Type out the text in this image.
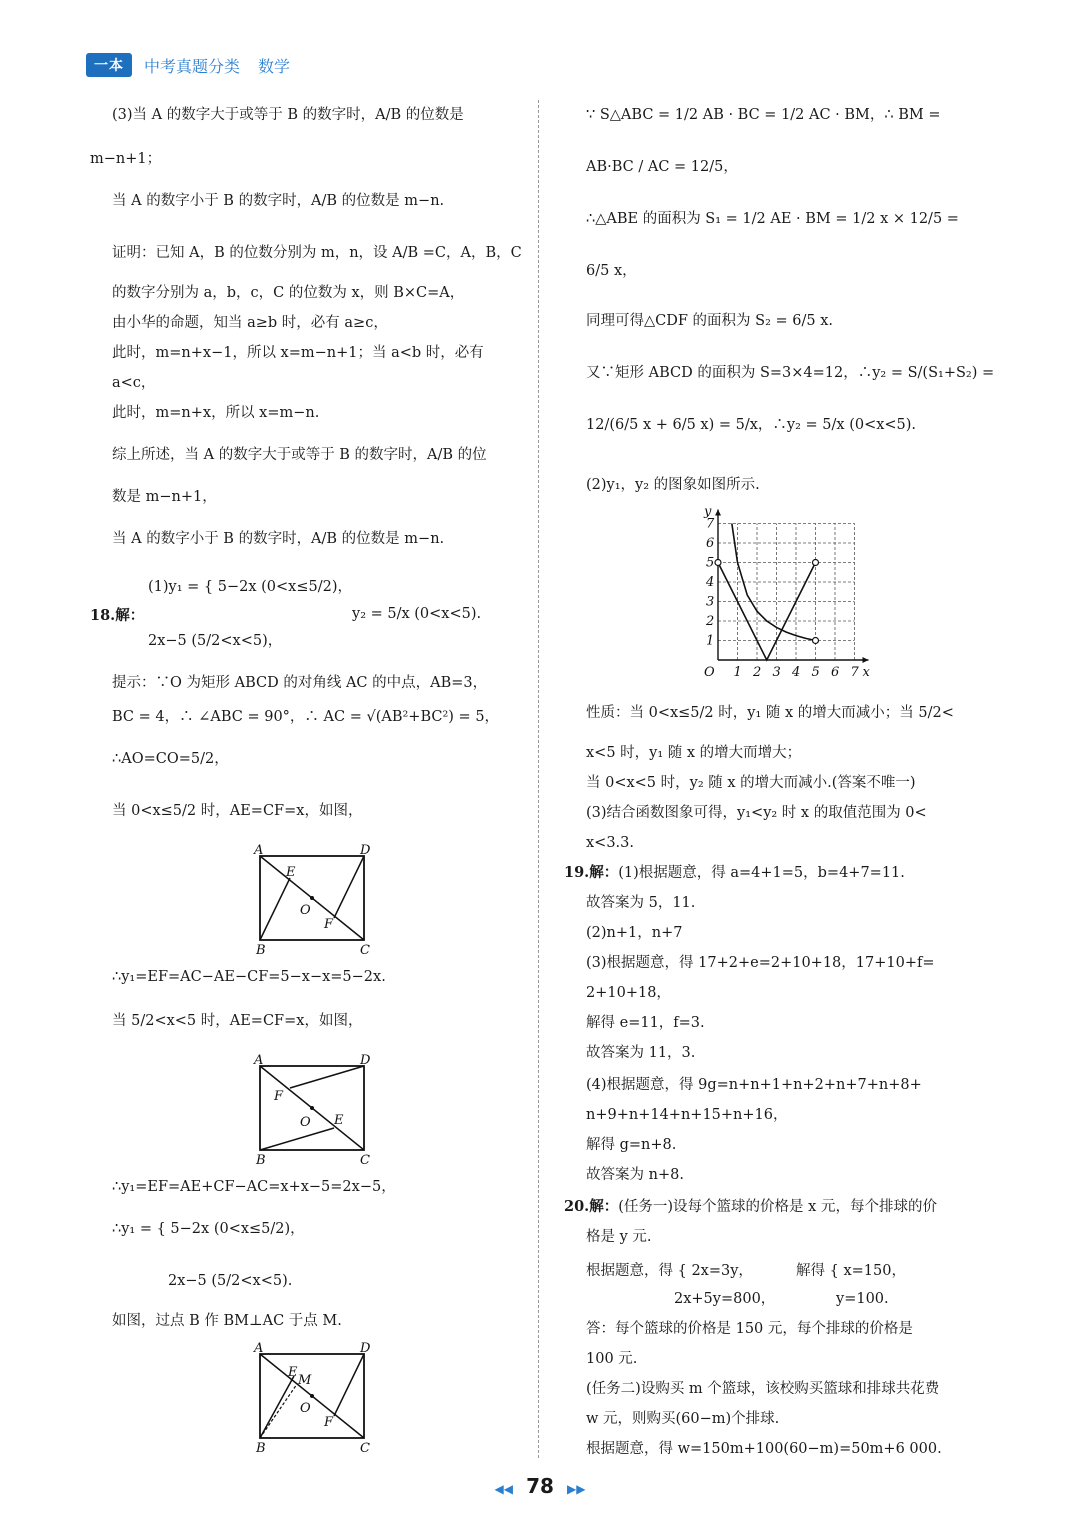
一本	中考真题分类 数学
(3)当 A 的数字大于或等于 B 的数字时，A/B 的位数是
m−n+1；
当 A 的数字小于 B 的数字时，A/B 的位数是 m−n.
证明：已知 A，B 的位数分别为 m，n，设 A/B =C，A，B，C
的数字分别为 a，b，c，C 的位数为 x，则 B×C=A，
由小华的命题，知当 a≥b 时，必有 a≥c，
此时，m=n+x−1，所以 x=m−n+1；当 a<b 时，必有
a<c，
此时，m=n+x，所以 x=m−n.
综上所述，当 A 的数字大于或等于 B 的数字时，A/B 的位
数是 m−n+1，
当 A 的数字小于 B 的数字时，A/B 的位数是 m−n.
18.解：
(1)y₁ = { 5−2x (0<x≤5/2)，
2x−5 (5/2<x<5)，
y₂ = 5/x (0<x<5).
提示：∵O 为矩形 ABCD 的对角线 AC 的中点，AB=3，
BC = 4，∴ ∠ABC = 90°，∴ AC = √(AB²+BC²) = 5，
∴AO=CO=5/2，
当 0<x≤5/2 时，AE=CF=x，如图，
A	D
B	C
E
O
F
∴y₁=EF=AC−AE−CF=5−x−x=5−2x.
当 5/2<x<5 时，AE=CF=x，如图，
A	D
B	C
F
O E
∴y₁=EF=AE+CF−AC=x+x−5=2x−5，
∴y₁ = { 5−2x (0<x≤5/2)，
2x−5 (5/2<x<5).
如图，过点 B 作 BM⊥AC 于点 M.
A	D
B	C
E
M
O
F
∵ S△ABC = 1/2 AB · BC = 1/2 AC · BM，∴ BM =
AB·BC / AC = 12/5，
∴△ABE 的面积为 S₁ = 1/2 AE · BM = 1/2 x × 12/5 =
6/5 x，
同理可得△CDF 的面积为 S₂ = 6/5 x.
又∵矩形 ABCD 的面积为 S=3×4=12，∴y₂ = S/(S₁+S₂) =
12/(6/5 x + 6/5 x) = 5/x，∴y₂ = 5/x (0<x<5).
(2)y₁，y₂ 的图象如图所示.
1 2 3 4 5 6 7
1
2
3
4
5
6
7
O	x
y
性质：当 0<x≤5/2 时，y₁ 随 x 的增大而减小；当 5/2<
x<5 时，y₁ 随 x 的增大而增大；
当 0<x<5 时，y₂ 随 x 的增大而减小.(答案不唯一)
(3)结合函数图象可得，y₁<y₂ 时 x 的取值范围为 0<
x<3.3.
19.解：(1)根据题意，得 a=4+1=5，b=4+7=11.
故答案为 5，11.
(2)n+1，n+7
(3)根据题意，得 17+2+e=2+10+18，17+10+f=
2+10+18，
解得 e=11，f=3.
故答案为 11，3.
(4)根据题意，得 9g=n+n+1+n+2+n+7+n+8+
n+9+n+14+n+15+n+16，
解得 g=n+8.
故答案为 n+8.
20.解：(任务一)设每个篮球的价格是 x 元，每个排球的价
格是 y 元.
根据题意，得 { 2x=3y，
2x+5y=800，
解得 { x=150，
y=100.
答：每个篮球的价格是 150 元，每个排球的价格是
100 元.
(任务二)设购买 m 个篮球，该校购买篮球和排球共花费
w 元，则购买(60−m)个排球.
根据题意，得 w=150m+100(60−m)=50m+6 000.
◀◀ 78 ▶▶
